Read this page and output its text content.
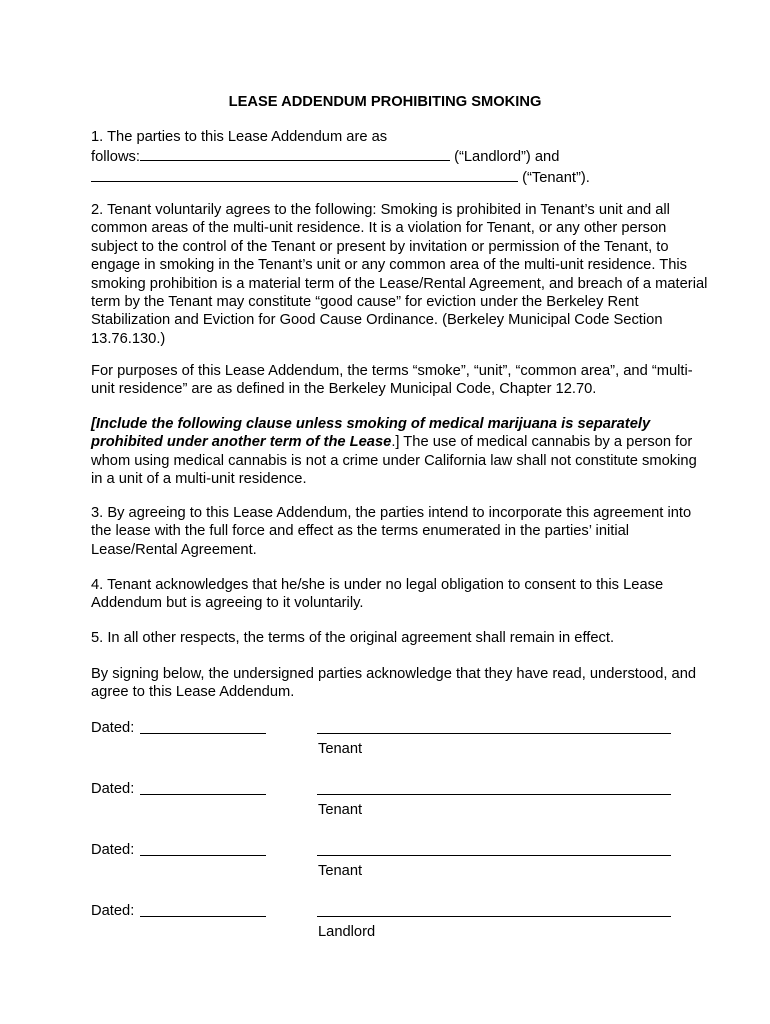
LEASE ADDENDUM PROHIBITING SMOKING
1. The parties to this Lease Addendum are as
follows:	(“Landlord”) and
(“Tenant”).
2. Tenant voluntarily agrees to the following: Smoking is prohibited in Tenant’s unit and all common areas of the multi-unit residence. It is a violation for Tenant, or any other person subject to the control of the Tenant or present by invitation or permission of the Tenant, to engage in smoking in the Tenant’s unit or any common area of the multi-unit residence. This smoking prohibition is a material term of the Lease/Rental Agreement, and breach of a material term by the Tenant may constitute “good cause” for eviction under the Berkeley Rent Stabilization and Eviction for Good Cause Ordinance. (Berkeley Municipal Code Section 13.76.130.)
For purposes of this Lease Addendum, the terms “smoke”, “unit”, “common area”, and “multi-unit residence” are as defined in the Berkeley Municipal Code, Chapter 12.70.
[Include the following clause unless smoking of medical marijuana is separately prohibited under another term of the Lease.] The use of medical cannabis by a person for whom using medical cannabis is not a crime under California law shall not constitute smoking in a unit of a multi-unit residence.
3. By agreeing to this Lease Addendum, the parties intend to incorporate this agreement into the lease with the full force and effect as the terms enumerated in the parties’ initial Lease/Rental Agreement.
4. Tenant acknowledges that he/she is under no legal obligation to consent to this Lease Addendum but is agreeing to it voluntarily.
5. In all other respects, the terms of the original agreement shall remain in effect.
By signing below, the undersigned parties acknowledge that they have read, understood, and agree to this Lease Addendum.
Dated:
Tenant
Dated:
Tenant
Dated:
Tenant
Dated:
Landlord
